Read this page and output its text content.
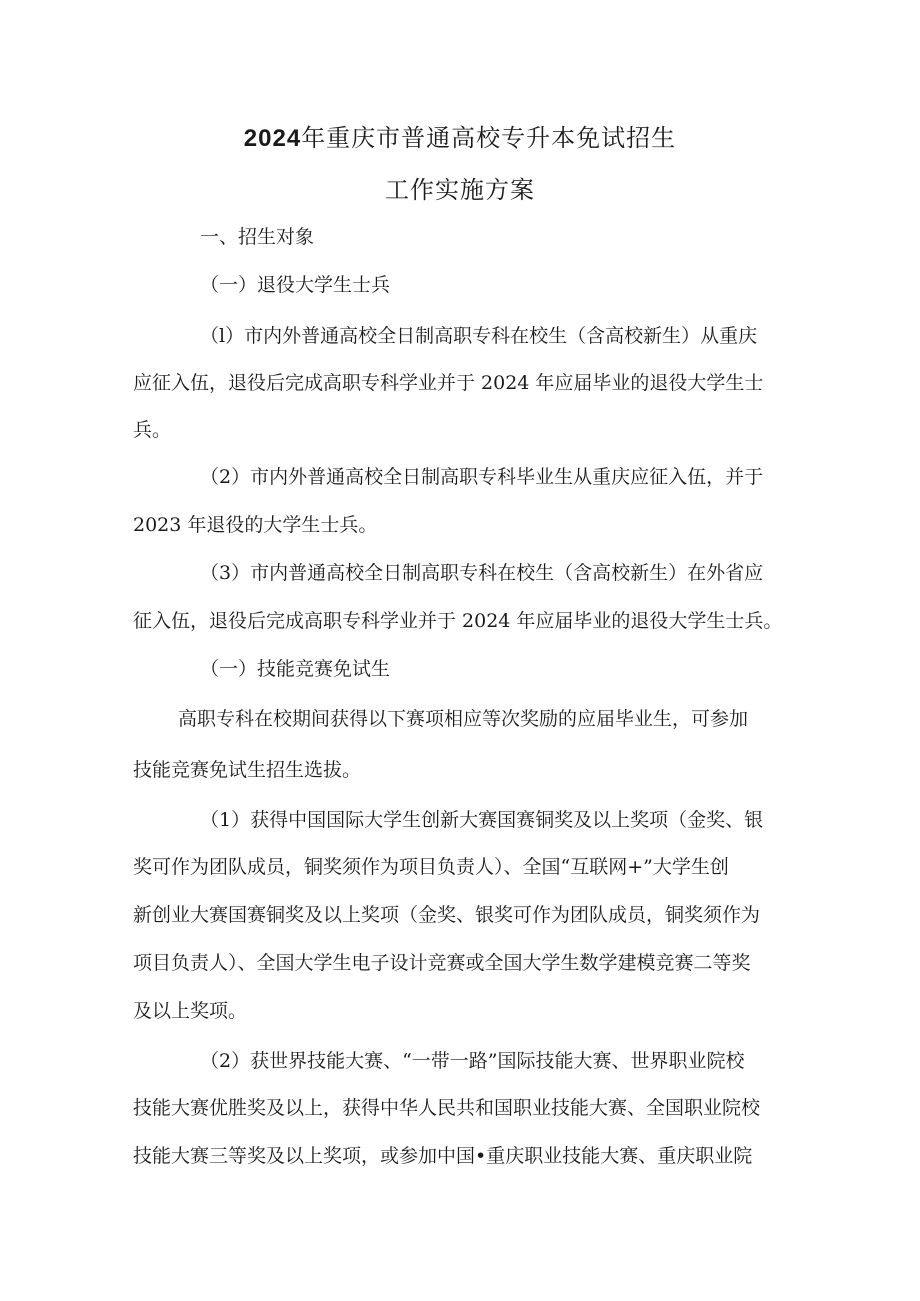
2024年重庆市普通高校专升本免试招生
工作实施方案
一、招生对象
（一）退役大学生士兵
（l）市内外普通高校全日制高职专科在校生（含高校新生）从重庆
应征入伍，退役后完成高职专科学业并于 2024 年应届毕业的退役大学生士
兵。
（2）市内外普通高校全日制高职专科毕业生从重庆应征入伍，并于
2023 年退役的大学生士兵。
（3）市内普通高校全日制高职专科在校生（含高校新生）在外省应
征入伍，退役后完成高职专科学业并于 2024 年应届毕业的退役大学生士兵。
（一）技能竞赛免试生
高职专科在校期间获得以下赛项相应等次奖励的应届毕业生，可参加
技能竞赛免试生招生选拔。
（1）获得中国国际大学生创新大赛国赛铜奖及以上奖项（金奖、银
奖可作为团队成员，铜奖须作为项目负责人）、全国“互联网+”大学生创
新创业大赛国赛铜奖及以上奖项（金奖、银奖可作为团队成员，铜奖须作为
项目负责人）、全国大学生电子设计竞赛或全国大学生数学建模竞赛二等奖
及以上奖项。
（2）获世界技能大赛、“一带一路”国际技能大赛、世界职业院校
技能大赛优胜奖及以上，获得中华人民共和国职业技能大赛、全国职业院校
技能大赛三等奖及以上奖项，或参加中国•重庆职业技能大赛、重庆职业院
